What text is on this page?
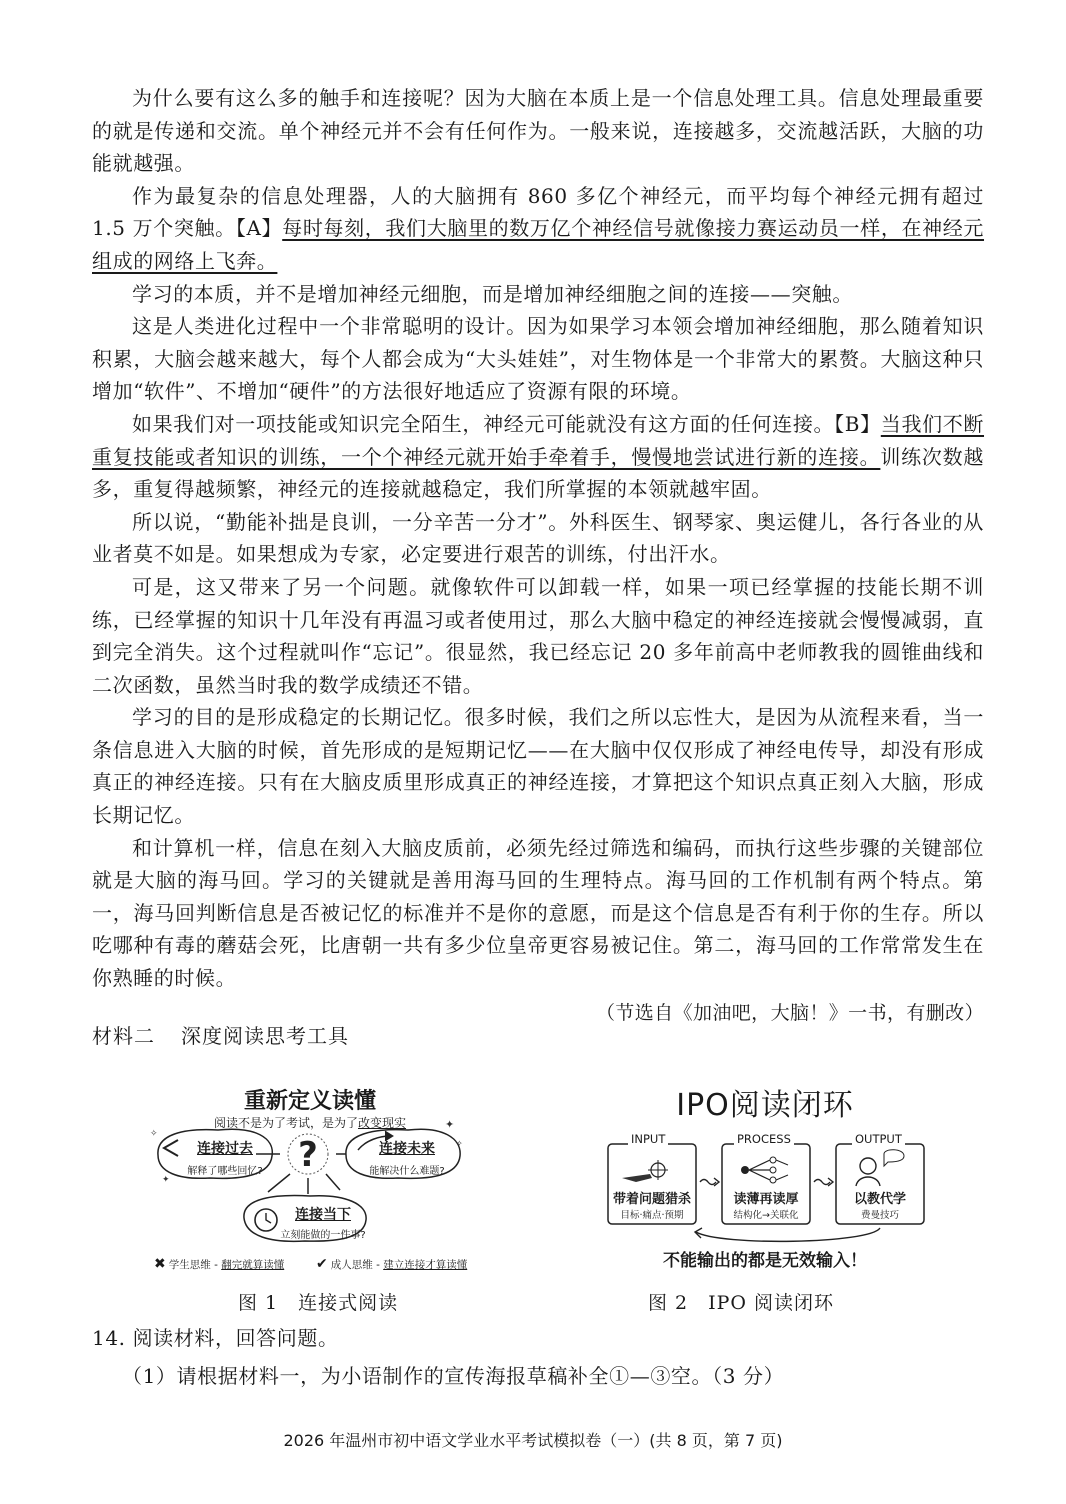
为什么要有这么多的触手和连接呢？因为大脑在本质上是一个信息处理工具。信息处理最重要的就是传递和交流。单个神经元并不会有任何作为。一般来说，连接越多，交流越活跃，大脑的功能就越强。

作为最复杂的信息处理器，人的大脑拥有 860 多亿个神经元，而平均每个神经元拥有超过 1.5 万个突触。【A】每时每刻，我们大脑里的数万亿个神经信号就像接力赛运动员一样，在神经元组成的网络上飞奔。

学习的本质，并不是增加神经元细胞，而是增加神经细胞之间的连接——突触。

这是人类进化过程中一个非常聪明的设计。因为如果学习本领会增加神经细胞，那么随着知识积累，大脑会越来越大，每个人都会成为“大头娃娃”，对生物体是一个非常大的累赘。大脑这种只增加“软件”、不增加“硬件”的方法很好地适应了资源有限的环境。

如果我们对一项技能或知识完全陌生，神经元可能就没有这方面的任何连接。【B】当我们不断重复技能或者知识的训练，一个个神经元就开始手牵着手，慢慢地尝试进行新的连接。训练次数越多，重复得越频繁，神经元的连接就越稳定，我们所掌握的本领就越牢固。

所以说，“勤能补拙是良训，一分辛苦一分才”。外科医生、钢琴家、奥运健儿，各行各业的从业者莫不如是。如果想成为专家，必定要进行艰苦的训练，付出汗水。

可是，这又带来了另一个问题。就像软件可以卸载一样，如果一项已经掌握的技能长期不训练，已经掌握的知识十几年没有再温习或者使用过，那么大脑中稳定的神经连接就会慢慢减弱，直到完全消失。这个过程就叫作“忘记”。很显然，我已经忘记 20 多年前高中老师教我的圆锥曲线和二次函数，虽然当时我的数学成绩还不错。

学习的目的是形成稳定的长期记忆。很多时候，我们之所以忘性大，是因为从流程来看，当一条信息进入大脑的时候，首先形成的是短期记忆——在大脑中仅仅形成了神经电传导，却没有形成真正的神经连接。只有在大脑皮质里形成真正的神经连接，才算把这个知识点真正刻入大脑，形成长期记忆。

和计算机一样，信息在刻入大脑皮质前，必须先经过筛选和编码，而执行这些步骤的关键部位就是大脑的海马回。学习的关键就是善用海马回的生理特点。海马回的工作机制有两个特点。第一，海马回判断信息是否被记忆的标准并不是你的意愿，而是这个信息是否有利于你的生存。所以吃哪种有毒的蘑菇会死，比唐朝一共有多少位皇帝更容易被记住。第二，海马回的工作常常发生在你熟睡的时候。

（节选自《加油吧，大脑！》一书，有删改）

材料二 深度阅读思考工具
?
✦
✧
✧
✦
重新定义读懂
阅读不是为了考试，是为了改变现实
连接过去
解释了哪些回忆?
连接未来
能解决什么难题?
连接当下
立刻能做的一件事?
✖ 学生思维 - 翻完就算读懂 ✔ 成人思维 - 建立连接才算读懂
图 1　连接式阅读
IPO阅读闭环
INPUT	PROCESS	OUTPUT
带着问题猎杀	读薄再读厚	以教代学
目标·痛点·预期	结构化→关联化	费曼技巧
不能输出的都是无效输入！
图 2　IPO 阅读闭环
14. 阅读材料，回答问题。
（1）请根据材料一，为小语制作的宣传海报草稿补全①—③空。（3 分）
2026 年温州市初中语文学业水平考试模拟卷（一）(共 8 页，第 7 页)
